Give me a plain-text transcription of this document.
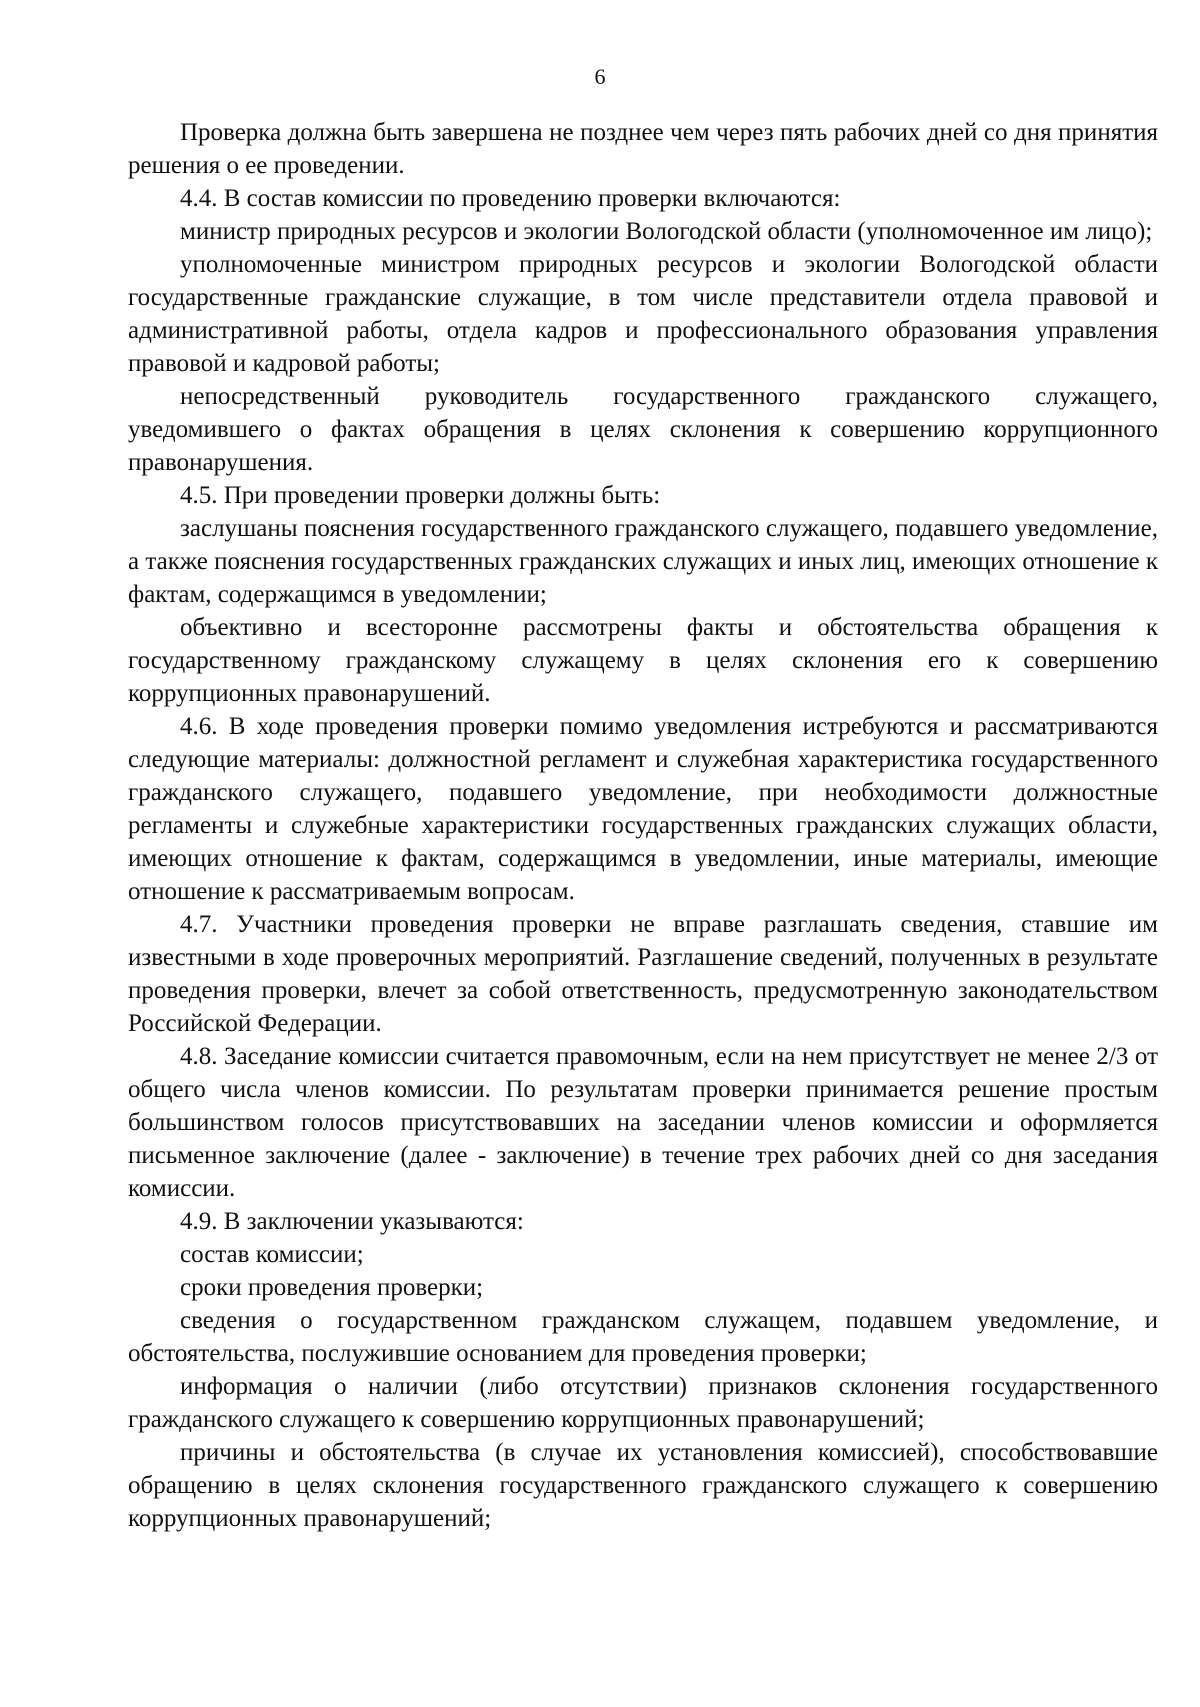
6

Проверка должна быть завершена не позднее чем через пять рабочих дней со дня принятия решения о ее проведении.

4.4. В состав комиссии по проведению проверки включаются:

министр природных ресурсов и экологии Вологодской области (уполномоченное им лицо);

уполномоченные министром природных ресурсов и экологии Вологодской области государственные гражданские служащие, в том числе представители отдела правовой и административной работы, отдела кадров и профессионального образования управления правовой и кадровой работы;

непосредственный руководитель государственного гражданского служащего, уведомившего о фактах обращения в целях склонения к совершению коррупционного правонарушения.

4.5. При проведении проверки должны быть:

заслушаны пояснения государственного гражданского служащего, подавшего уведомление, а также пояснения государственных гражданских служащих и иных лиц, имеющих отношение к фактам, содержащимся в уведомлении;

объективно и всесторонне рассмотрены факты и обстоятельства обращения к государственному гражданскому служащему в целях склонения его к совершению коррупционных правонарушений.

4.6. В ходе проведения проверки помимо уведомления истребуются и рассматриваются следующие материалы: должностной регламент и служебная характеристика государственного гражданского служащего, подавшего уведомление, при необходимости должностные регламенты и служебные характеристики государственных гражданских служащих области, имеющих отношение к фактам, содержащимся в уведомлении, иные материалы, имеющие отношение к рассматриваемым вопросам.

4.7. Участники проведения проверки не вправе разглашать сведения, ставшие им известными в ходе проверочных мероприятий. Разглашение сведений, полученных в результате проведения проверки, влечет за собой ответственность, предусмотренную законодательством Российской Федерации.

4.8. Заседание комиссии считается правомочным, если на нем присутствует не менее 2/3 от общего числа членов комиссии. По результатам проверки принимается решение простым большинством голосов присутствовавших на заседании членов комиссии и оформляется письменное заключение (далее - заключение) в течение трех рабочих дней со дня заседания комиссии.

4.9. В заключении указываются:

состав комиссии;

сроки проведения проверки;

сведения о государственном гражданском служащем, подавшем уведомление, и обстоятельства, послужившие основанием для проведения проверки;

информация о наличии (либо отсутствии) признаков склонения государственного гражданского служащего к совершению коррупционных правонарушений;

причины и обстоятельства (в случае их установления комиссией), способствовавшие обращению в целях склонения государственного гражданского служащего к совершению коррупционных правонарушений;
